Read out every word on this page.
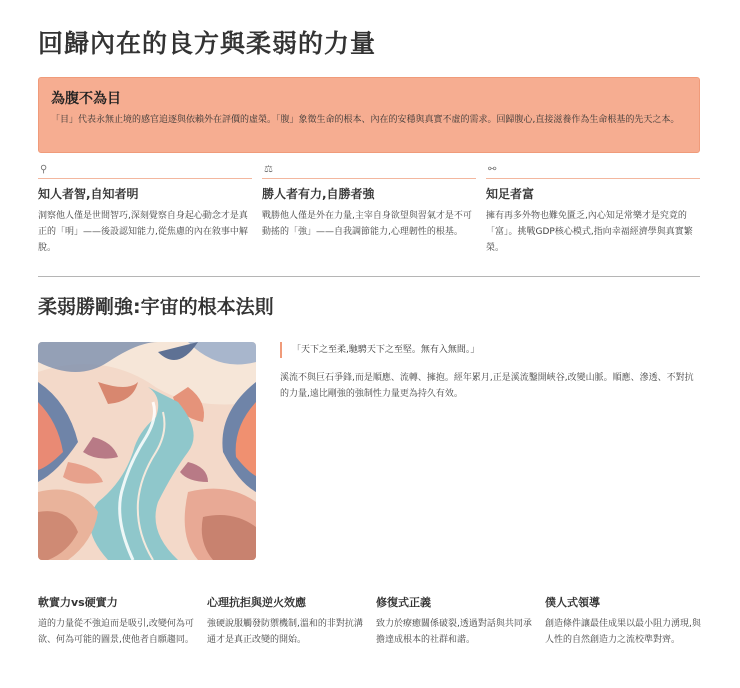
回歸內在的良方與柔弱的力量
為腹不為目
「目」代表永無止境的感官追逐與依賴外在評價的虛榮。「腹」象徵生命的根本、內在的安穩與真實不虛的需求。回歸腹心,直接滋養作為生命根基的先天之本。
⚲
知人者智,自知者明
洞察他人僅是世間智巧,深刻覺察自身起心動念才是真正的「明」——後設認知能力,從焦慮的內在敘事中解脫。
⚖
勝人者有力,自勝者強
戰勝他人僅是外在力量,主宰自身欲望與習氣才是不可動搖的「強」——自我調節能力,心理韌性的根基。
⚯
知足者富
擁有再多外物也難免匱乏,內心知足常樂才是究竟的「富」。挑戰GDP核心模式,指向幸福經濟學與真實繁榮。
柔弱勝剛強:宇宙的根本法則
「天下之至柔,馳騁天下之至堅。無有入無間。」
溪流不與巨石爭鋒,而是順應、流轉、擁抱。經年累月,正是溪流鑿開峽谷,改變山脈。順應、滲透、不對抗的力量,遠比剛強的強制性力量更為持久有效。
軟實力vs硬實力
道的力量從不強迫而是吸引,改變何為可欲、何為可能的圖景,使他者自願趨同。
心理抗拒與逆火效應
強硬說服觸發防禦機制,溫和的非對抗溝通才是真正改變的開始。
修復式正義
致力於療癒關係破裂,透過對話與共同承擔達成根本的社群和諧。
僕人式領導
創造條件讓最佳成果以最小阻力湧現,與人性的自然創造力之流校準對齊。
